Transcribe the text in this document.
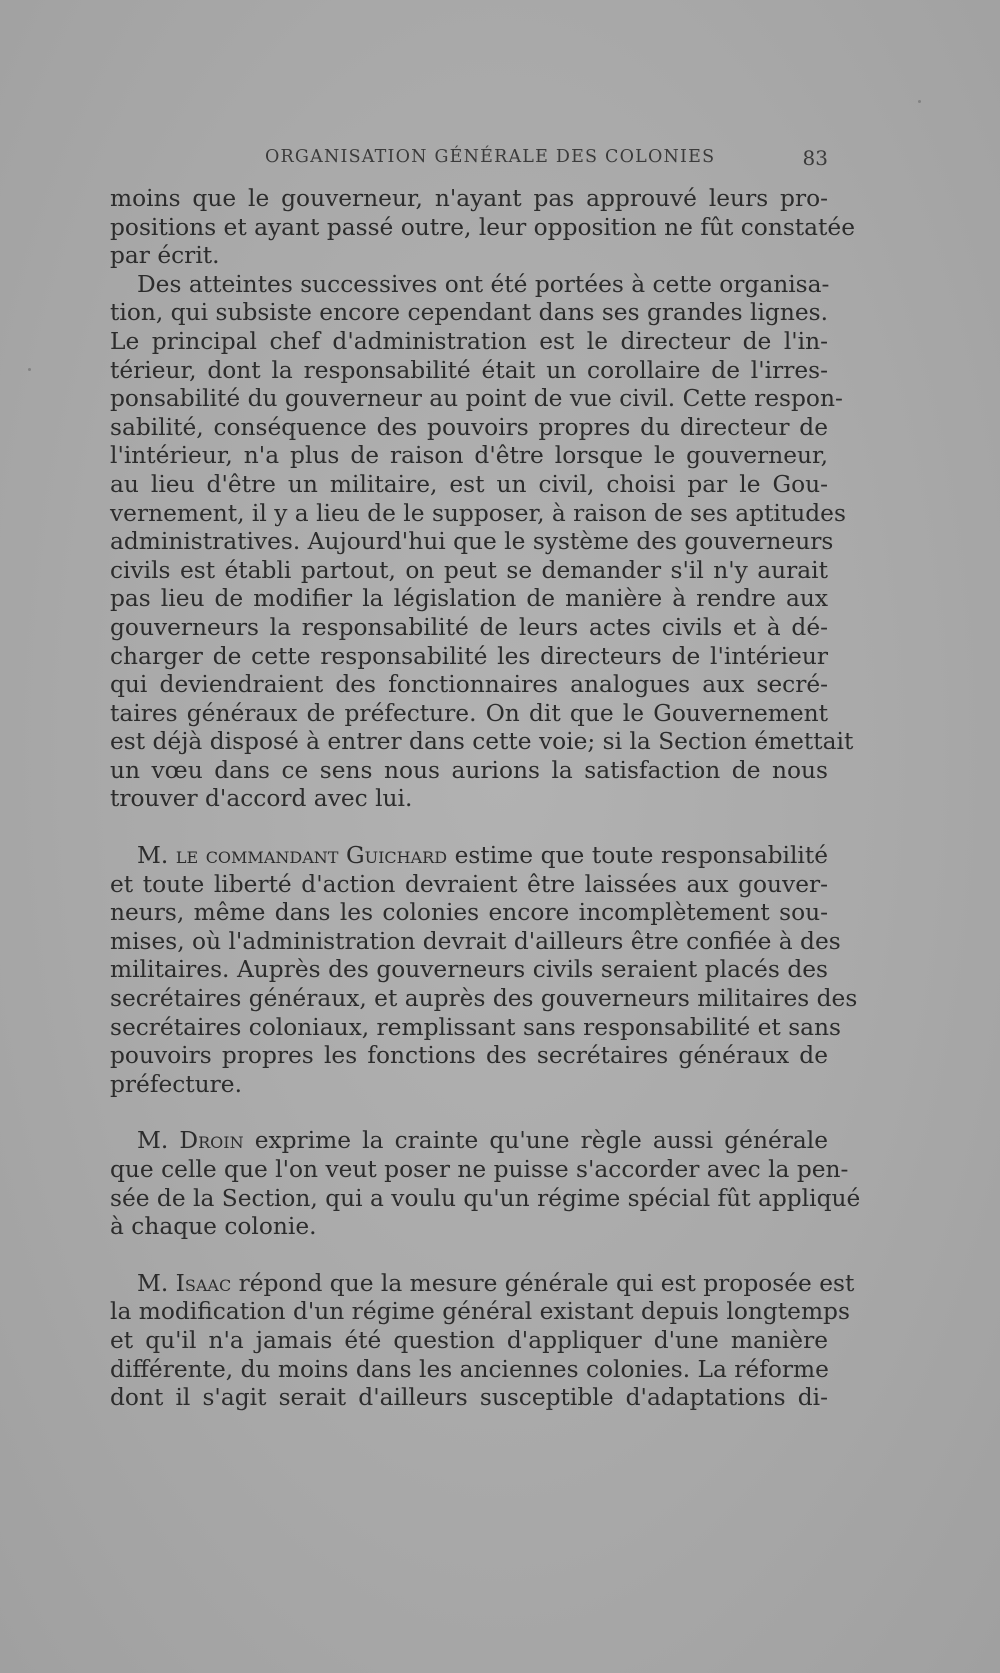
ORGANISATION GÉNÉRALE DES COLONIES	83
moins que le gouverneur, n'ayant pas approuvé leurs pro-
positions et ayant passé outre, leur opposition ne fût constatée
par écrit.
Des atteintes successives ont été portées à cette organisa-
tion, qui subsiste encore cependant dans ses grandes lignes.
Le principal chef d'administration est le directeur de l'in-
térieur, dont la responsabilité était un corollaire de l'irres-
ponsabilité du gouverneur au point de vue civil. Cette respon-
sabilité, conséquence des pouvoirs propres du directeur de
l'intérieur, n'a plus de raison d'être lorsque le gouverneur,
au lieu d'être un militaire, est un civil, choisi par le Gou-
vernement, il y a lieu de le supposer, à raison de ses aptitudes
administratives. Aujourd'hui que le système des gouverneurs
civils est établi partout, on peut se demander s'il n'y aurait
pas lieu de modifier la législation de manière à rendre aux
gouverneurs la responsabilité de leurs actes civils et à dé-
charger de cette responsabilité les directeurs de l'intérieur
qui deviendraient des fonctionnaires analogues aux secré-
taires généraux de préfecture. On dit que le Gouvernement
est déjà disposé à entrer dans cette voie; si la Section émettait
un vœu dans ce sens nous aurions la satisfaction de nous
trouver d'accord avec lui.
M. le commandant Guichard estime que toute responsabilité
et toute liberté d'action devraient être laissées aux gouver-
neurs, même dans les colonies encore incomplètement sou-
mises, où l'administration devrait d'ailleurs être confiée à des
militaires. Auprès des gouverneurs civils seraient placés des
secrétaires généraux, et auprès des gouverneurs militaires des
secrétaires coloniaux, remplissant sans responsabilité et sans
pouvoirs propres les fonctions des secrétaires généraux de
préfecture.
M. Droin exprime la crainte qu'une règle aussi générale
que celle que l'on veut poser ne puisse s'accorder avec la pen-
sée de la Section, qui a voulu qu'un régime spécial fût appliqué
à chaque colonie.
M. Isaac répond que la mesure générale qui est proposée est
la modification d'un régime général existant depuis longtemps
et qu'il n'a jamais été question d'appliquer d'une manière
différente, du moins dans les anciennes colonies. La réforme
dont il s'agit serait d'ailleurs susceptible d'adaptations di-
